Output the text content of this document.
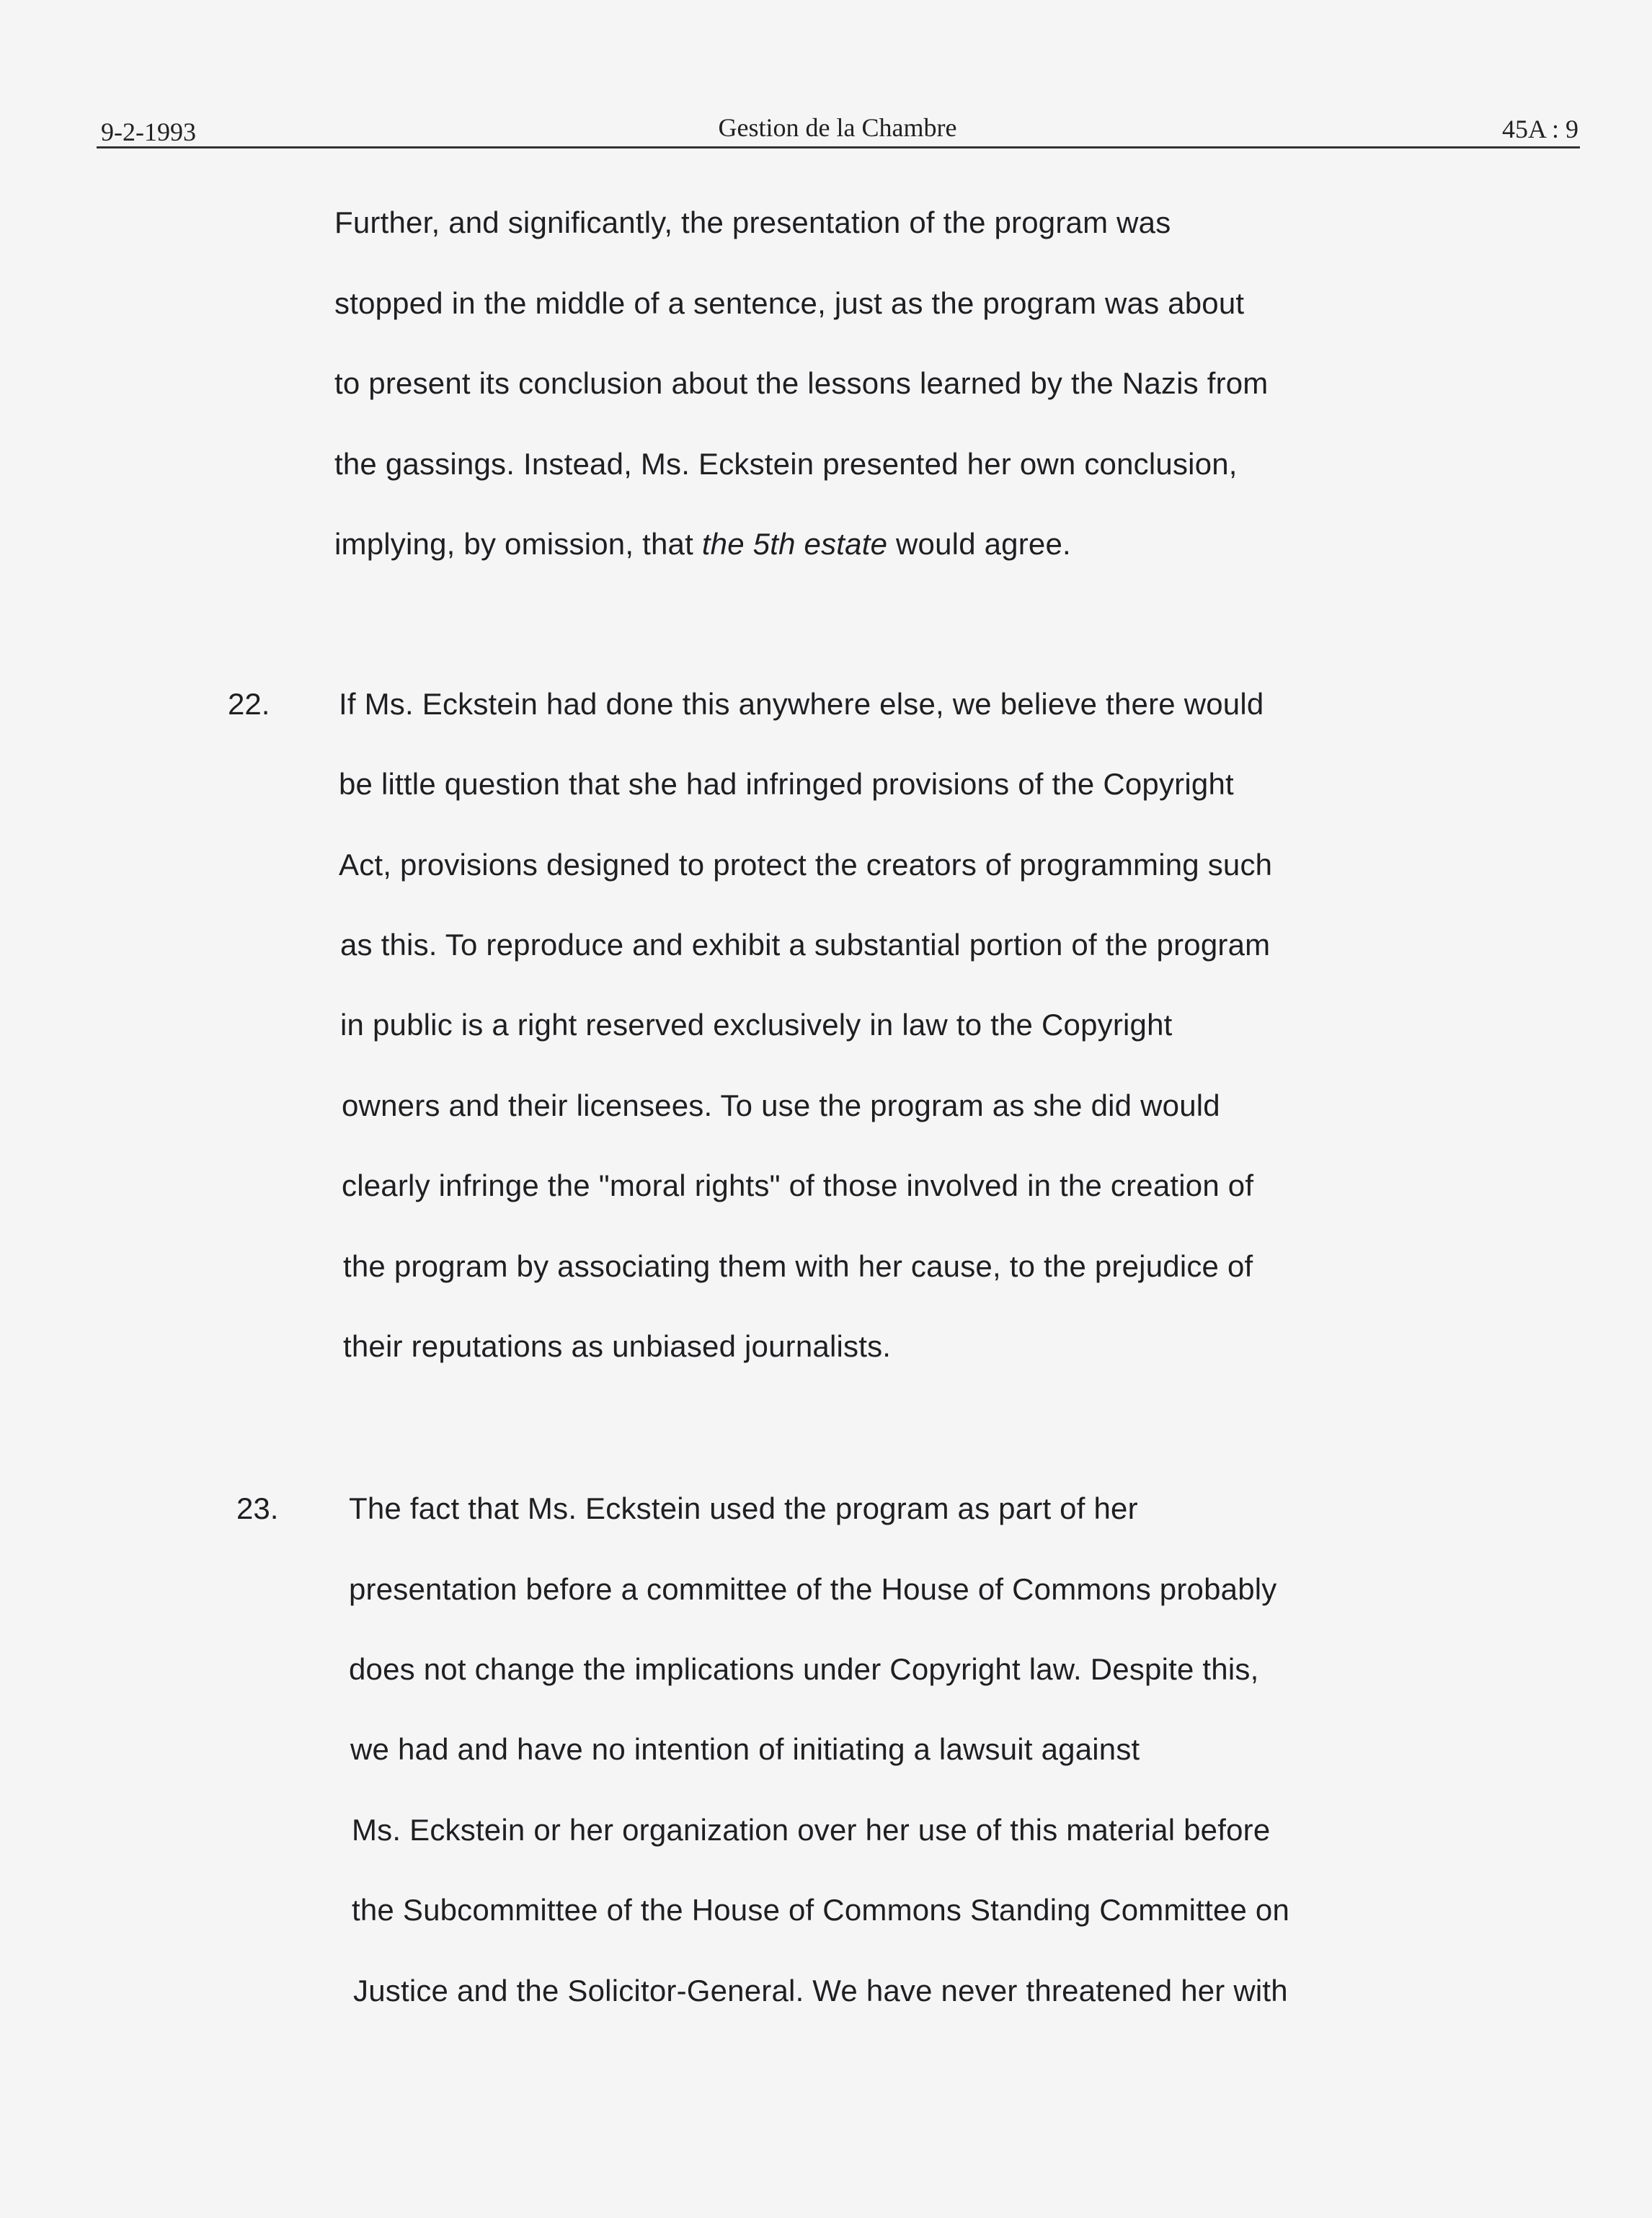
9-2-1993	Gestion de la Chambre	45A : 9
Further, and significantly, the presentation of the program was
stopped in the middle of a sentence, just as the program was about
to present its conclusion about the lessons learned by the Nazis from
the gassings. Instead, Ms. Eckstein presented her own conclusion,
implying, by omission, that the 5th estate would agree.
22. If Ms. Eckstein had done this anywhere else, we believe there would
be little question that she had infringed provisions of the Copyright
Act, provisions designed to protect the creators of programming such
as this. To reproduce and exhibit a substantial portion of the program
in public is a right reserved exclusively in law to the Copyright
owners and their licensees. To use the program as she did would
clearly infringe the "moral rights" of those involved in the creation of
the program by associating them with her cause, to the prejudice of
their reputations as unbiased journalists.
23. The fact that Ms. Eckstein used the program as part of her
presentation before a committee of the House of Commons probably
does not change the implications under Copyright law. Despite this,
we had and have no intention of initiating a lawsuit against
Ms. Eckstein or her organization over her use of this material before
the Subcommittee of the House of Commons Standing Committee on
Justice and the Solicitor-General. We have never threatened her with
